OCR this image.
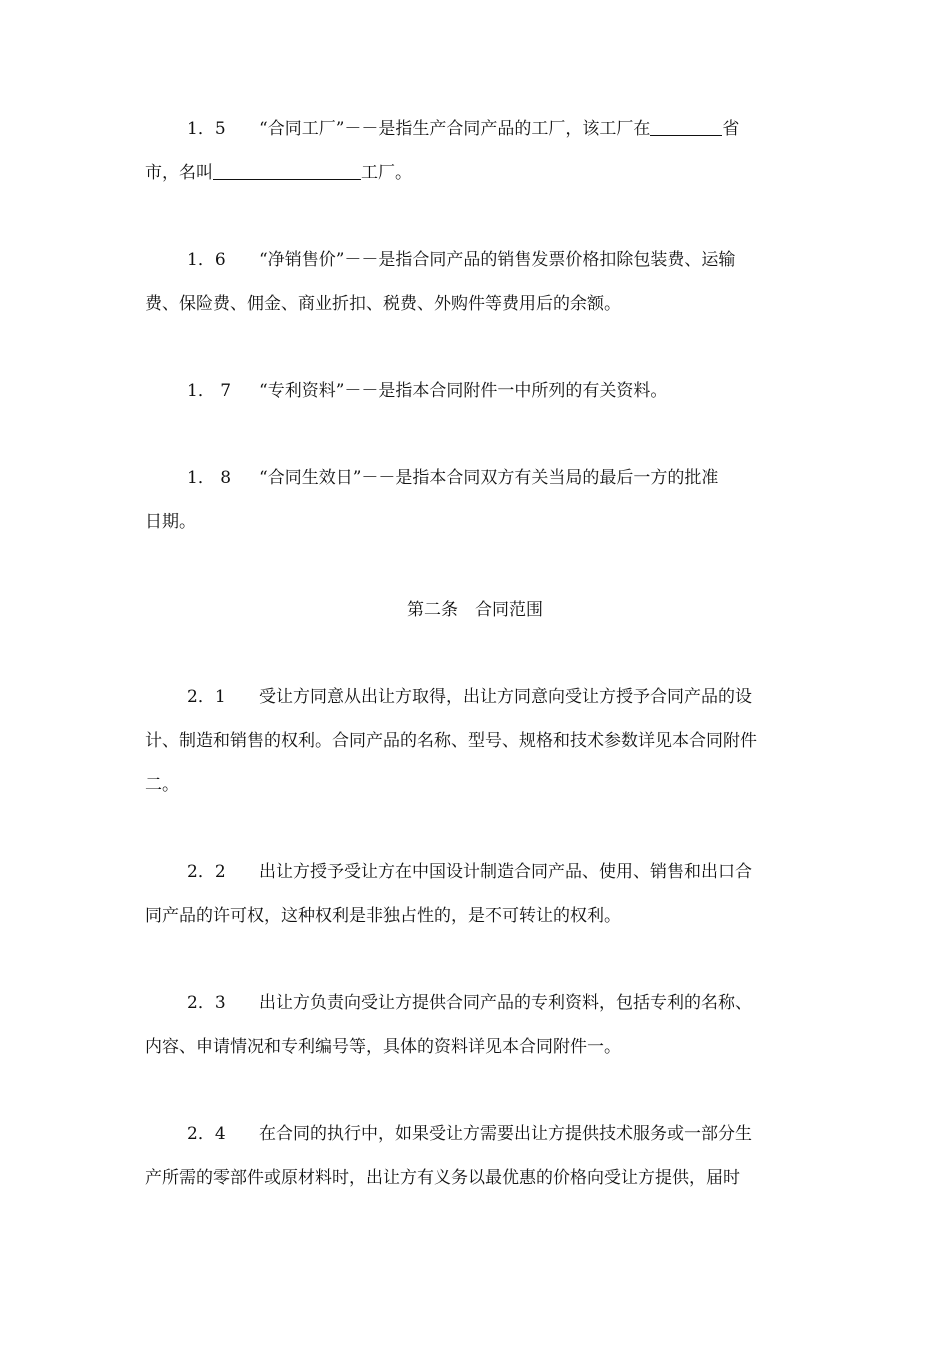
1．5 “合同工厂”－－是指生产合同产品的工厂，该工厂在	省
市，名叫	工厂。
1．6 “净销售价”－－是指合同产品的销售发票价格扣除包装费、运输
费、保险费、佣金、商业折扣、税费、外购件等费用后的余额。
1． 7 “专利资料”－－是指本合同附件一中所列的有关资料。
1． 8 “合同生效日”－－是指本合同双方有关当局的最后一方的批准
日期。
第二条　合同范围
2．1 受让方同意从出让方取得，出让方同意向受让方授予合同产品的设
计、制造和销售的权利。合同产品的名称、型号、规格和技术参数详见本合同附件
二。
2．2 出让方授予受让方在中国设计制造合同产品、使用、销售和出口合
同产品的许可权，这种权利是非独占性的，是不可转让的权利。
2．3 出让方负责向受让方提供合同产品的专利资料，包括专利的名称、
内容、申请情况和专利编号等，具体的资料详见本合同附件一。
2．4 在合同的执行中，如果受让方需要出让方提供技术服务或一部分生
产所需的零部件或原材料时，出让方有义务以最优惠的价格向受让方提供，届时
